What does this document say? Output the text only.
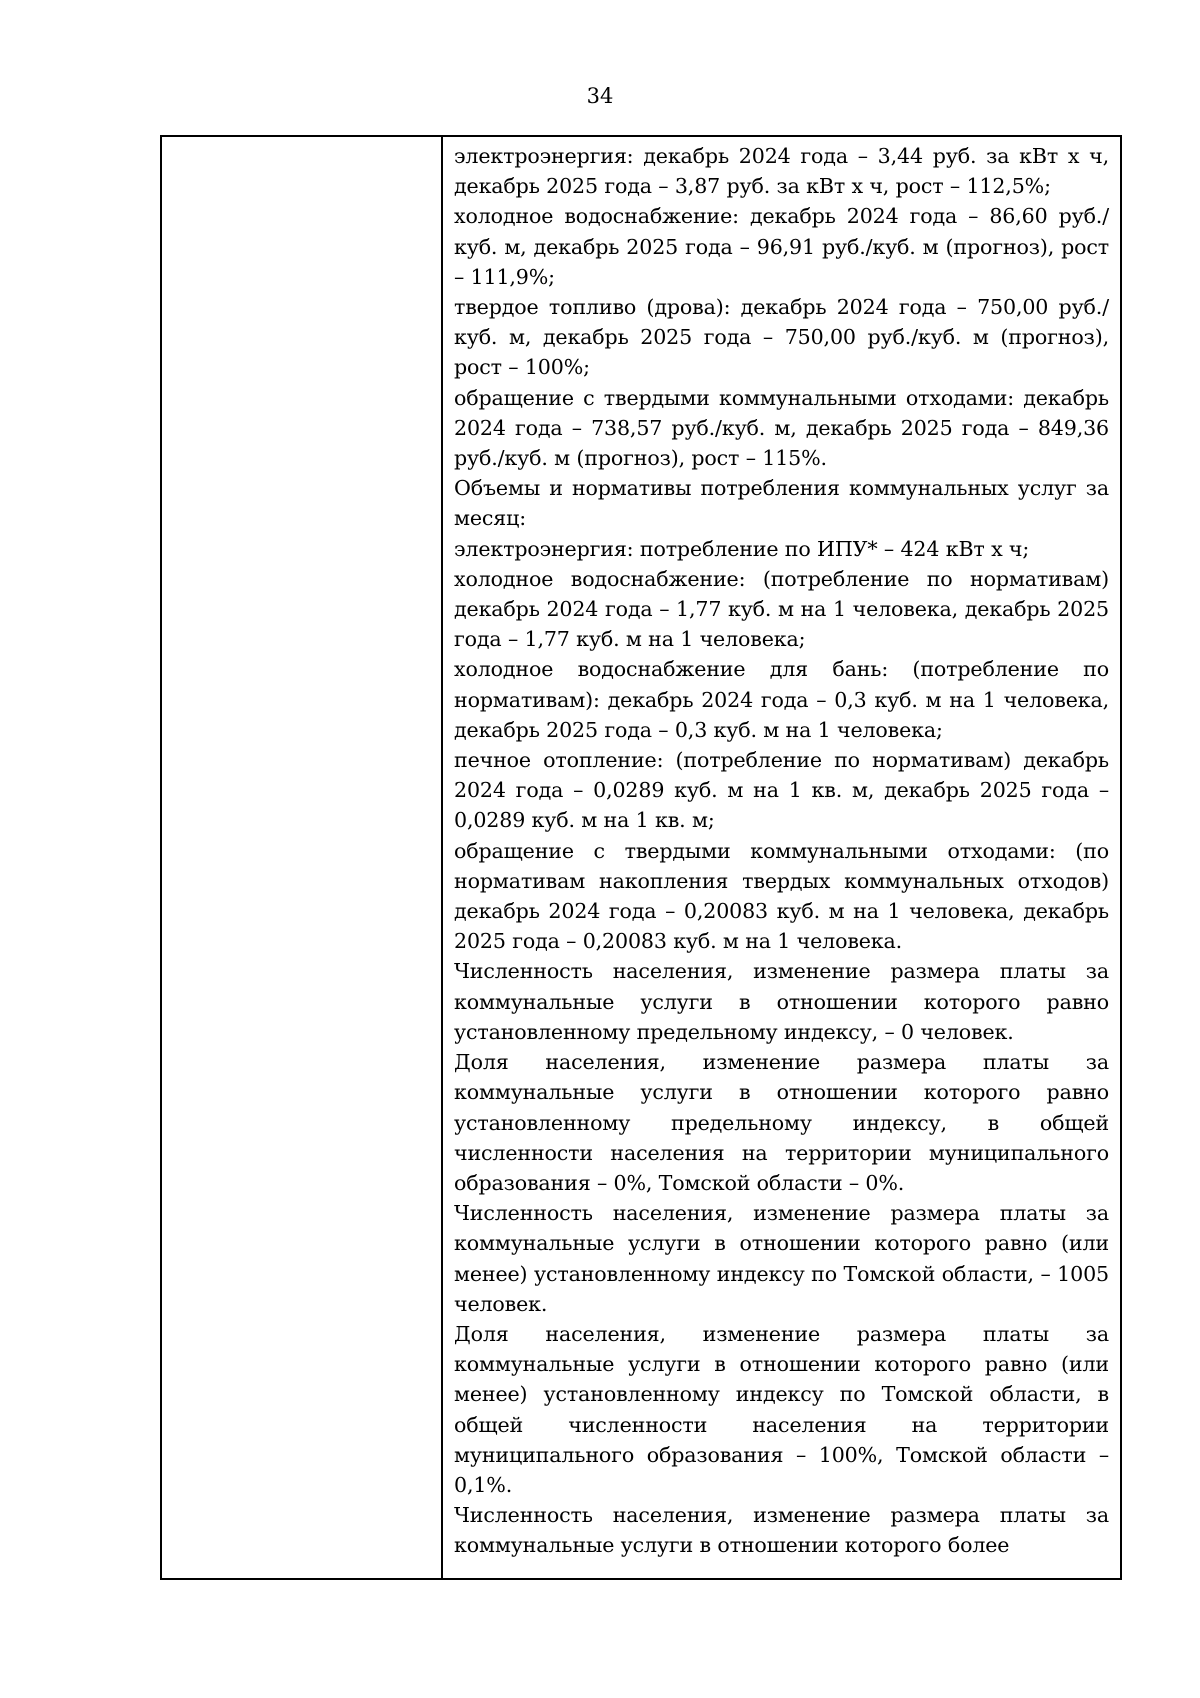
34

электроэнергия: декабрь 2024 года – 3,44 руб. за кВт х ч, декабрь 2025 года – 3,87 руб. за кВт х ч, рост – 112,5%;

холодное водоснабжение: декабрь 2024 года – 86,60 руб./куб. м, декабрь 2025 года – 96,91 руб./куб. м (прогноз), рост – 111,9%;

твердое топливо (дрова): декабрь 2024 года – 750,00 руб./куб. м, декабрь 2025 года – 750,00 руб./куб. м (прогноз), рост – 100%;

обращение с твердыми коммунальными отходами: декабрь 2024 года – 738,57 руб./куб. м, декабрь 2025 года – 849,36 руб./куб. м (прогноз), рост – 115%.

Объемы и нормативы потребления коммунальных услуг за месяц:

электроэнергия: потребление по ИПУ* – 424 кВт х ч;

холодное водоснабжение: (потребление по нормативам) декабрь 2024 года – 1,77 куб. м на 1 человека, декабрь 2025 года – 1,77 куб. м на 1 человека;

холодное водоснабжение для бань: (потребление по нормативам): декабрь 2024 года – 0,3 куб. м на 1 человека, декабрь 2025 года – 0,3 куб. м на 1 человека;

печное отопление: (потребление по нормативам) декабрь 2024 года – 0,0289 куб. м на 1 кв. м, декабрь 2025 года – 0,0289 куб. м на 1 кв. м;

обращение с твердыми коммунальными отходами: (по нормативам накопления твердых коммунальных отходов) декабрь 2024 года – 0,20083 куб. м на 1 человека, декабрь 2025 года – 0,20083 куб. м на 1 человека.

Численность населения, изменение размера платы за коммунальные услуги в отношении которого равно установленному предельному индексу, – 0 человек.

Доля населения, изменение размера платы за коммунальные услуги в отношении которого равно установленному предельному индексу, в общей численности населения на территории муниципального образования – 0%, Томской области – 0%.

Численность населения, изменение размера платы за коммунальные услуги в отношении которого равно (или менее) установленному индексу по Томской области, – 1005 человек.

Доля населения, изменение размера платы за коммунальные услуги в отношении которого равно (или менее) установленному индексу по Томской области, в общей численности населения на территории муниципального образования – 100%, Томской области – 0,1%.

Численность населения, изменение размера платы за коммунальные услуги в отношении которого более
